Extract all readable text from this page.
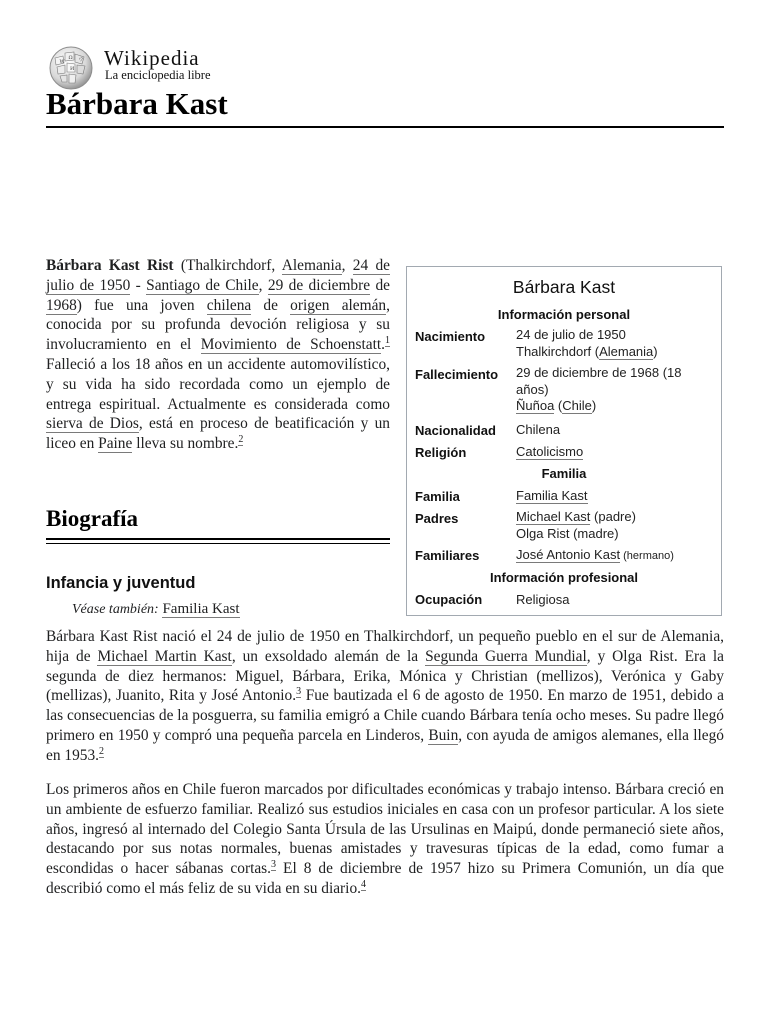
W
Ω
И
ウ Wikipedia
La enciclopedia libre
Bárbara Kast

Bárbara Kast Rist (Thalkirchdorf, Alemania, 24 de julio de 1950 - Santiago de Chile, 29 de diciembre de 1968) fue una joven chilena de origen alemán, conocida por su profunda devoción religiosa y su involucramiento en el Movimiento de Schoenstatt.$^1$ Falleció a los 18 años en un accidente automovilístico, y su vida ha sido recordada como un ejemplo de entrega espiritual. Actualmente es considerada como sierva de Dios, está en proceso de beatificación y un liceo en Paine lleva su nombre.$^2$

Biografía
Infancia y juventud
Véase también: Familia Kast

Bárbara Kast Rist nació el 24 de julio de 1950 en Thalkirchdorf, un pequeño pueblo en el sur de Alemania, hija de Michael Martin Kast, un exsoldado alemán de la Segunda Guerra Mundial, y Olga Rist. Era la segunda de diez hermanos: Miguel, Bárbara, Erika, Mónica y Christian (mellizos), Verónica y Gaby (mellizas), Juanito, Rita y José Antonio.$^3$ Fue bautizada el 6 de agosto de 1950. En marzo de 1951, debido a las consecuencias de la posguerra, su familia emigró a Chile cuando Bárbara tenía ocho meses. Su padre llegó primero en 1950 y compró una pequeña parcela en Linderos, Buin, con ayuda de amigos alemanes, ella llegó en 1953.$^2$

Los primeros años en Chile fueron marcados por dificultades económicas y trabajo intenso. Bárbara creció en un ambiente de esfuerzo familiar. Realizó sus estudios iniciales en casa con un profesor particular. A los siete años, ingresó al internado del Colegio Santa Úrsula de las Ursulinas en Maipú, donde permaneció siete años, destacando por sus notas normales, buenas amistades y travesuras típicas de la edad, como fumar a escondidas o hacer sábanas cortas.$^3$ El 8 de diciembre de 1957 hizo su Primera Comunión, un día que describió como el más feliz de su vida en su diario.$^4$

Bárbara Kast
Información personal
Nacimiento 24 de julio de 1950
Thalkirchdorf (Alemania)
Fallecimiento 29 de diciembre de 1968 (18 años)
Ñuñoa (Chile)
Nacionalidad Chilena
Religión	Catolicismo
Familia
Familia	Familia Kast
Padres	Michael Kast (padre)
Olga Rist (madre)
Familiares	José Antonio Kast (hermano)
Información profesional
Ocupación	Religiosa
